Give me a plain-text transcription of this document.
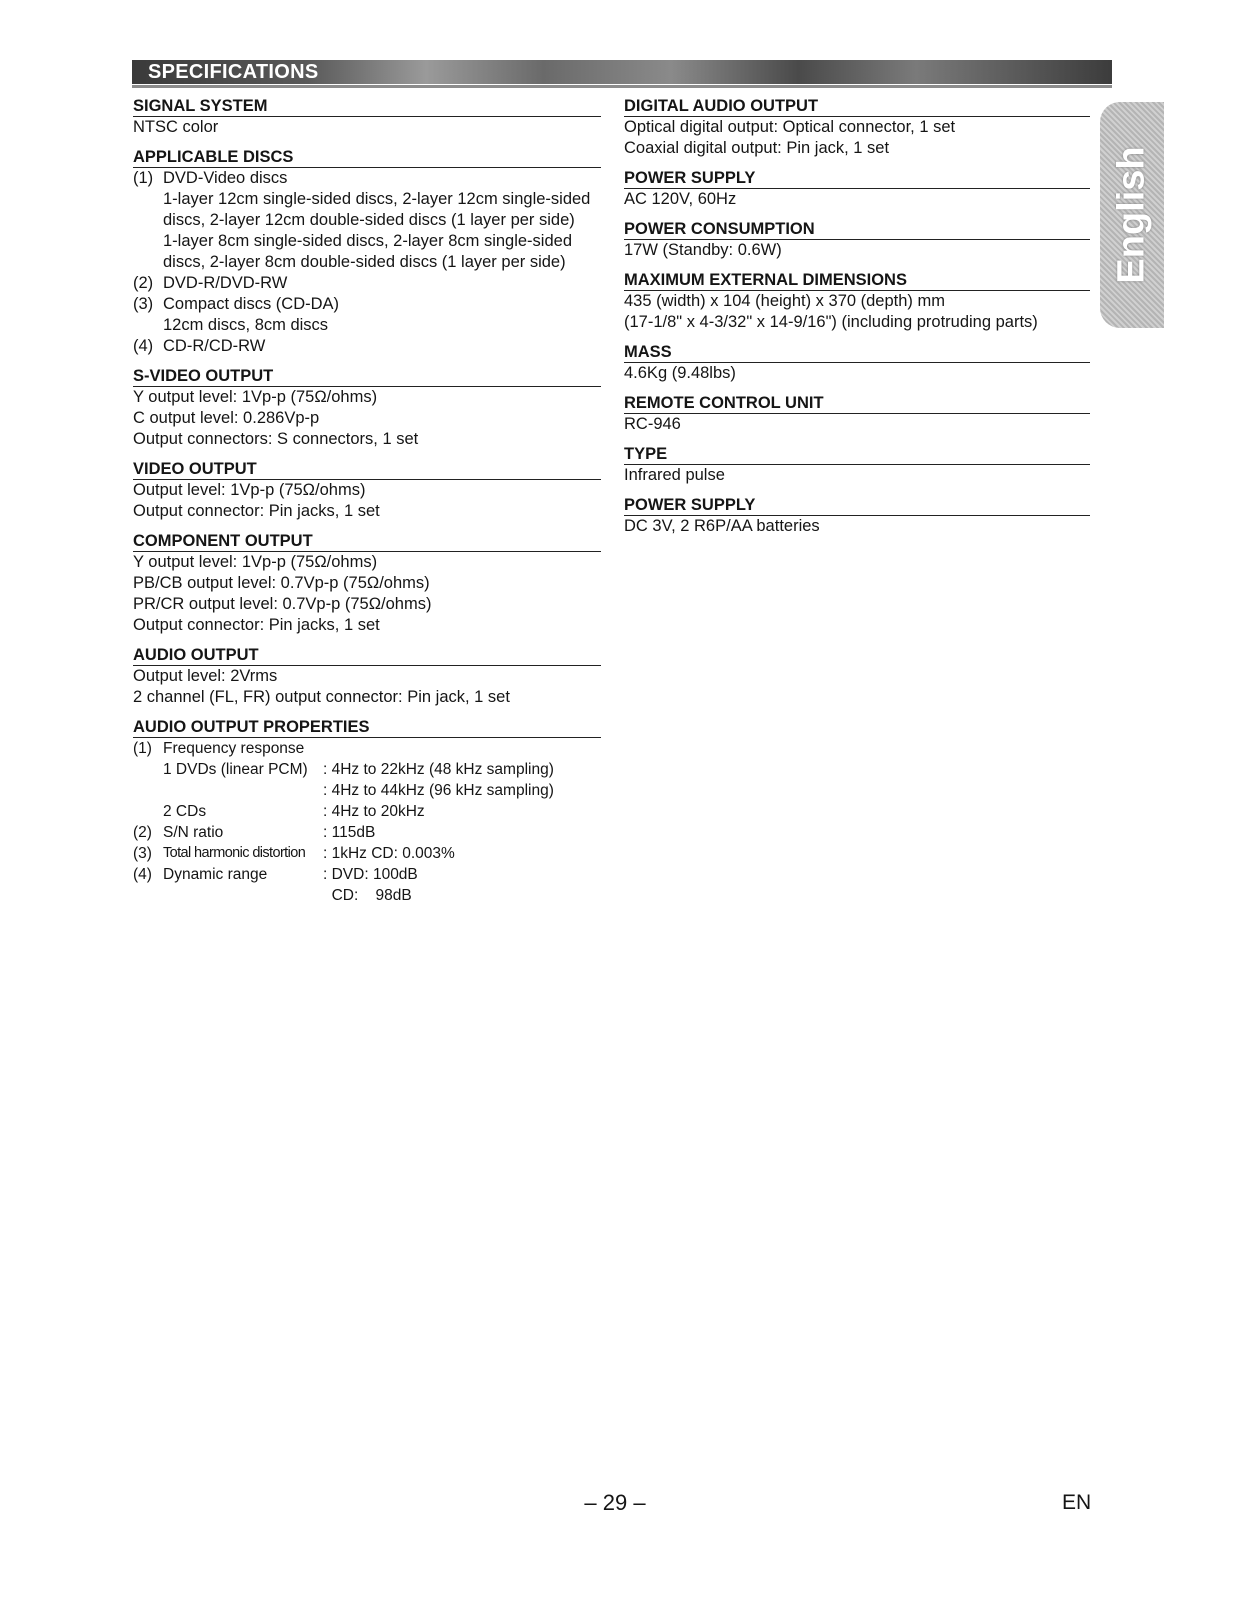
SPECIFICATIONS
English
SIGNAL SYSTEM
NTSC color
APPLICABLE DISCS
(1) DVD-Video discs
1-layer 12cm single-sided discs, 2-layer 12cm single-sided
discs, 2-layer 12cm double-sided discs (1 layer per side)
1-layer 8cm single-sided discs, 2-layer 8cm single-sided
discs, 2-layer 8cm double-sided discs (1 layer per side)
(2) DVD-R/DVD-RW
(3) Compact discs (CD-DA)
12cm discs, 8cm discs
(4) CD-R/CD-RW
S-VIDEO OUTPUT
Y output level: 1Vp-p (75Ω/ohms)
C output level: 0.286Vp-p
Output connectors: S connectors, 1 set
VIDEO OUTPUT
Output level: 1Vp-p (75Ω/ohms)
Output connector: Pin jacks, 1 set
COMPONENT OUTPUT
Y output level: 1Vp-p (75Ω/ohms)
PB/CB output level: 0.7Vp-p (75Ω/ohms)
PR/CR output level: 0.7Vp-p (75Ω/ohms)
Output connector: Pin jacks, 1 set
AUDIO OUTPUT
Output level: 2Vrms
2 channel (FL, FR) output connector: Pin jack, 1 set
AUDIO OUTPUT PROPERTIES
(1) Frequency response
1 DVDs (linear PCM) : 4Hz to 22kHz (48 kHz sampling)
: 4Hz to 44kHz (96 kHz sampling)
2 CDs	: 4Hz to 20kHz
(2) S/N ratio	: 115dB
(3) Total harmonic distortion	: 1kHz CD: 0.003%
(4) Dynamic range	: DVD: 100dB
CD:    98dB
DIGITAL AUDIO OUTPUT
Optical digital output: Optical connector, 1 set
Coaxial digital output: Pin jack, 1 set
POWER SUPPLY
AC 120V, 60Hz
POWER CONSUMPTION
17W (Standby: 0.6W)
MAXIMUM EXTERNAL DIMENSIONS
435 (width) x 104 (height) x 370 (depth) mm
(17-1/8" x 4-3/32" x 14-9/16") (including protruding parts)
MASS
4.6Kg (9.48lbs)
REMOTE CONTROL UNIT
RC-946
TYPE
Infrared pulse
POWER SUPPLY
DC 3V, 2 R6P/AA batteries
– 29 –	EN
